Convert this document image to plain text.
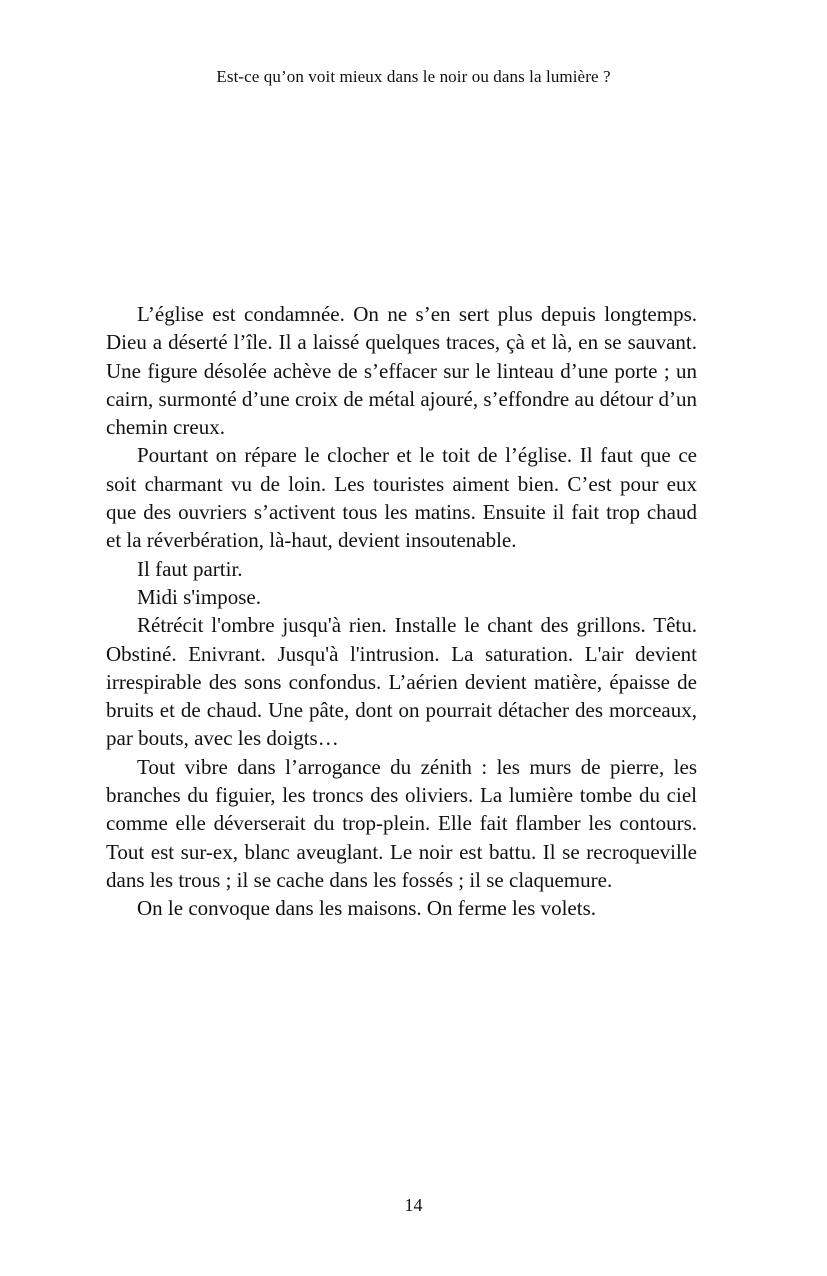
Est-ce qu’on voit mieux dans le noir ou dans la lumière ?

L’église est condamnée. On ne s’en sert plus depuis longtemps. Dieu a déserté l’île. Il a laissé quelques traces, çà et là, en se sauvant. Une figure désolée achève de s’effacer sur le linteau d’une porte ; un cairn, surmonté d’une croix de métal ajouré, s’effondre au détour d’un chemin creux.

Pourtant on répare le clocher et le toit de l’église. Il faut que ce soit charmant vu de loin. Les touristes aiment bien. C’est pour eux que des ouvriers s’activent tous les matins. Ensuite il fait trop chaud et la réverbération, là-haut, devient insoutenable.

Il faut partir.

Midi s'impose.

Rétrécit l'ombre jusqu'à rien. Installe le chant des grillons. Têtu. Obstiné. Enivrant. Jusqu'à l'intrusion. La saturation. L'air devient irrespirable des sons confondus. L’aérien devient matière, épaisse de bruits et de chaud. Une pâte, dont on pourrait détacher des morceaux, par bouts, avec les doigts…

Tout vibre dans l’arrogance du zénith : les murs de pierre, les branches du figuier, les troncs des oliviers. La lumière tombe du ciel comme elle déverserait du trop-plein. Elle fait flamber les contours. Tout est sur-ex, blanc aveuglant. Le noir est battu. Il se recroqueville dans les trous ; il se cache dans les fossés ; il se claquemure.

On le convoque dans les maisons. On ferme les volets.

14
